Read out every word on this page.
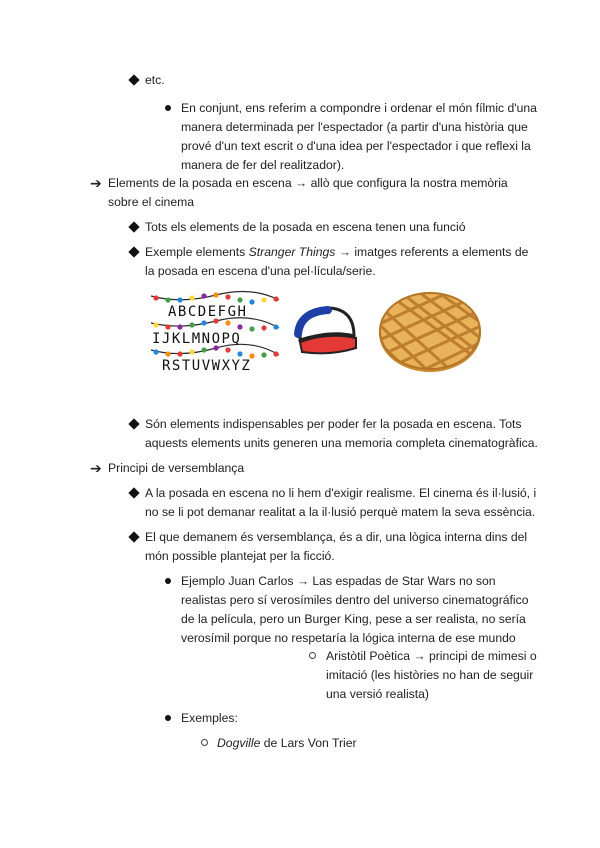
etc.
En conjunt, ens referim a compondre i ordenar el món fílmic d'una manera determinada per l'espectador (a partir d'una història que prové d'un text escrit o d'una idea per l'espectador i que reflexi la manera de fer del realitzador).
➔ Elements de la posada en escena → allò que configura la nostra memòria sobre el cinema
Tots els elements de la posada en escena tenen una funció
Exemple elements Stranger Things → imatges referents a elements de la posada en escena d'una pel·lícula/serie.
ABCDEFGH
IJKLMNOPQ
RSTUVWXYZ
Són elements indispensables per poder fer la posada en escena. Tots aquests elements units generen una memoria completa cinematogràfica.
➔ Principi de versemblança
A la posada en escena no li hem d'exigir realisme. El cinema és il·lusió, i no se li pot demanar realitat a la il·lusió perquè matem la seva essència.
El que demanem és versemblança, és a dir, una lògica interna dins del món possible plantejat per la ficció.
Ejemplo Juan Carlos → Las espadas de Star Wars no son realistas pero sí verosímiles dentro del universo cinematográfico de la película, pero un Burger King, pese a ser realista, no sería verosímil porque no respetaría la lógica interna de ese mundo
Aristòtil Poètica → principi de mimesi o imitació (les històries no han de seguir una versió realista)
Exemples:
Dogville de Lars Von Trier
